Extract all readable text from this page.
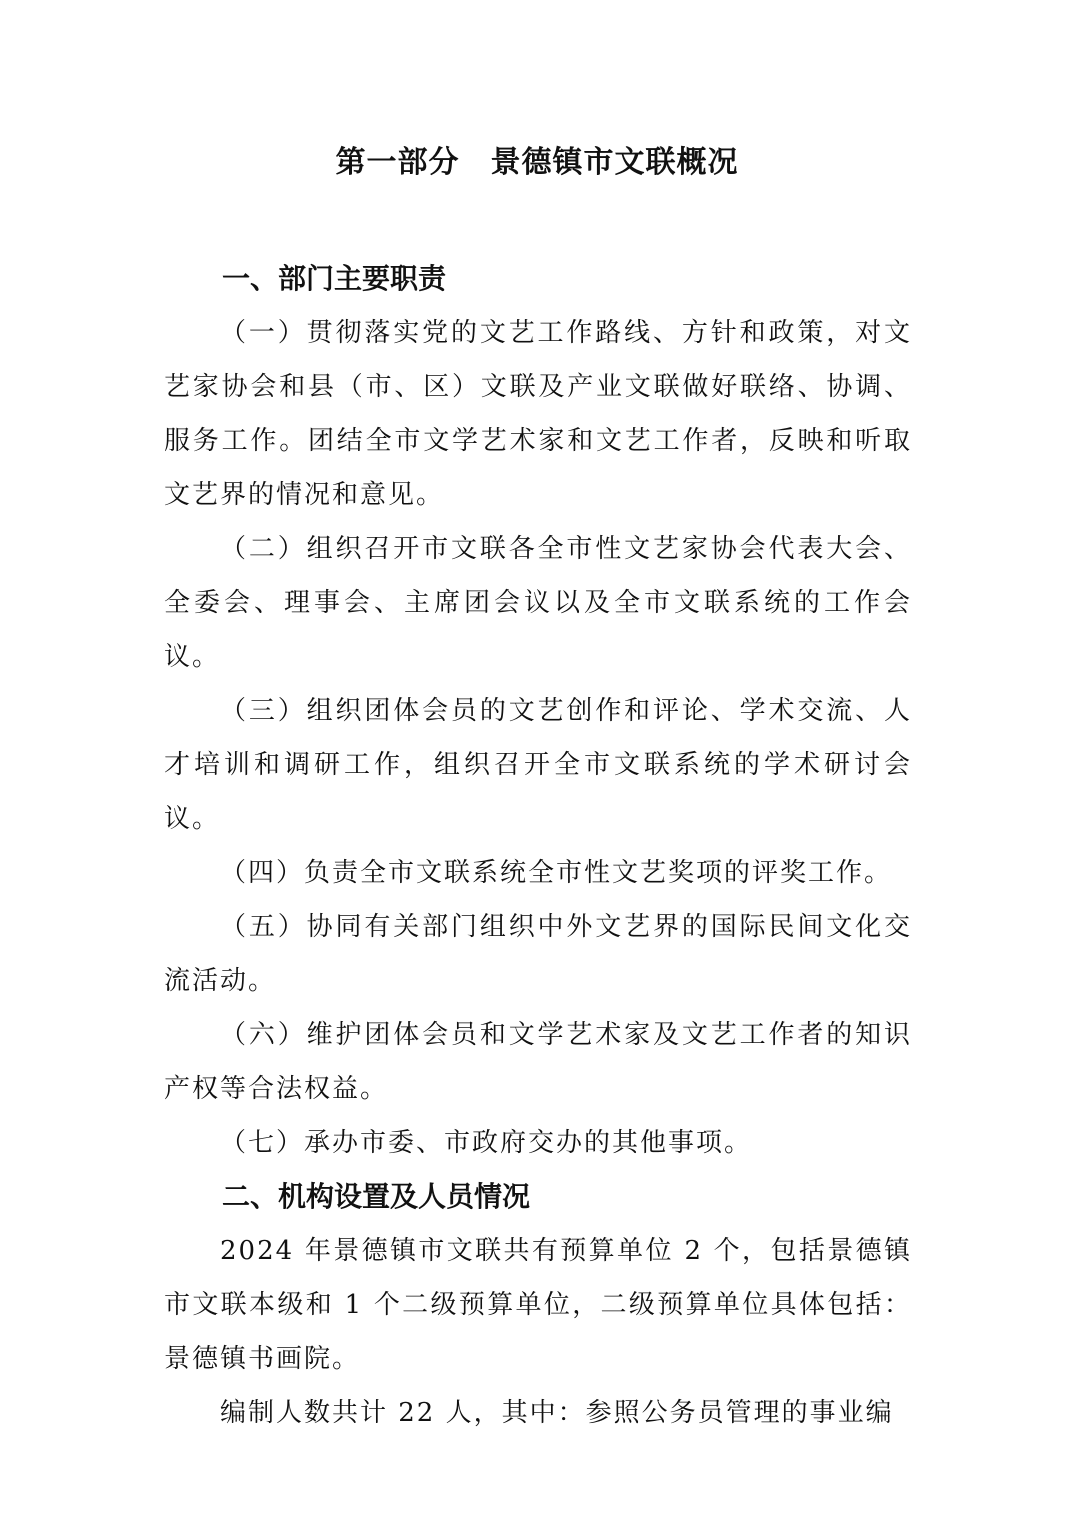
第一部分　景德镇市文联概况
一、部门主要职责

（一）贯彻落实党的文艺工作路线、方针和政策，对文艺家协会和县（市、区）文联及产业文联做好联络、协调、服务工作。团结全市文学艺术家和文艺工作者，反映和听取文艺界的情况和意见。

（二）组织召开市文联各全市性文艺家协会代表大会、全委会、理事会、主席团会议以及全市文联系统的工作会议。

（三）组织团体会员的文艺创作和评论、学术交流、人才培训和调研工作，组织召开全市文联系统的学术研讨会议。

（四）负责全市文联系统全市性文艺奖项的评奖工作。

（五）协同有关部门组织中外文艺界的国际民间文化交流活动。

（六）维护团体会员和文学艺术家及文艺工作者的知识产权等合法权益。

（七）承办市委、市政府交办的其他事项。

二、机构设置及人员情况

2024 年景德镇市文联共有预算单位 2 个，包括景德镇市文联本级和 1 个二级预算单位，二级预算单位具体包括：景德镇书画院。

编制人数共计 22 人，其中：参照公务员管理的事业编
